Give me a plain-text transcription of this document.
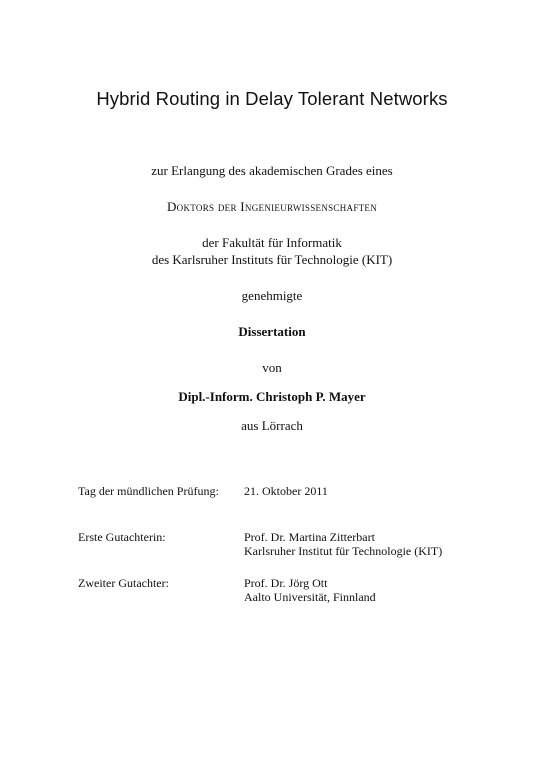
Hybrid Routing in Delay Tolerant Networks
zur Erlangung des akademischen Grades eines
Doktors der Ingenieurwissenschaften
der Fakultät für Informatik
des Karlsruher Instituts für Technologie (KIT)
genehmigte
Dissertation
von
Dipl.-Inform. Christoph P. Mayer
aus Lörrach
Tag der mündlichen Prüfung: 21. Oktober 2011
Erste Gutachterin:	Prof. Dr. Martina Zitterbart
Karlsruher Institut für Technologie (KIT)
Zweiter Gutachter:	Prof. Dr. Jörg Ott
Aalto Universität, Finnland
